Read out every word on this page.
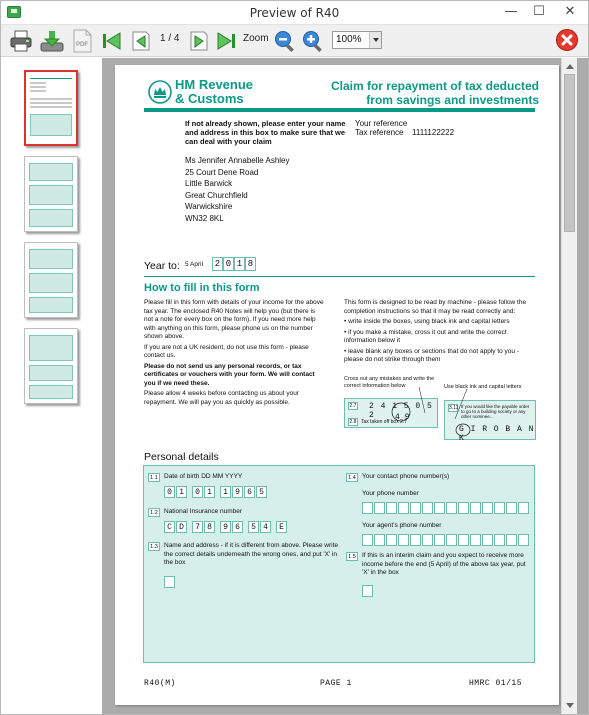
Preview of R40	—	☐	✕
PDF
1 / 4	Zoom	100%
HM Revenue
& Customs
Claim for repayment of tax deducted
from savings and investments
If not already shown, please enter your name and address in this box to make sure that we can deal with your claim
Your reference
Tax reference	1111122222
Ms Jennifer Annabelle Ashley
25 Court Dene Road
Little Barwick
Great Churchfield
Warwickshire
WN32 8KL
Year to: 5 April	2 0 1 8
How to fill in this form

Please fill in this form with details of your income for the above tax year. The enclosed R40 Notes will help you (but there is not a note for every box on the form). If you need more help with anything on this form, please phone us on the number shown above.

If you are not a UK resident, do not use this form - please contact us.

Please do not send us any personal records, or tax certificates or vouchers with your form. We will contact you if we need these.

Please allow 4 weeks before contacting us about your repayment. We will pay you as quickly as possible.

This form is designed to be read by machine - please follow the completion instructions so that it may be read correctly and:

• write inside the boxes, using black ink and capital letters

• if you make a mistake, cross it out and write the correct information below it

• leave blank any boxes or sections that do not apply to you - please do not strike through them

Cross out any mistakes and write the correct information below	Use black ink and capital letters
2.7 2 4 1 5 0 5 2	4 9
2.8 Tax taken off box 2.7
3.11 If you would like the payable order to go to a building society or any other nominee...
G I R O B A N K
Personal details
1.1 Date of birth DD MM YYYY
0 1	0 1	1 9 6 5
1.2 National Insurance number
C D	7 8	9 6	5 4	E
1.3 Name and address - if it is different from above. Please write the correct details underneath the wrong ones, and put 'X' in the box
1.4 Your contact phone number(s)
Your phone number
Your agent's phone number
1.5 If this is an interim claim and you expect to receive more income before the end (5 April) of the above tax year, put 'X' in the box
R40(M)	PAGE 1	HMRC 01/15
